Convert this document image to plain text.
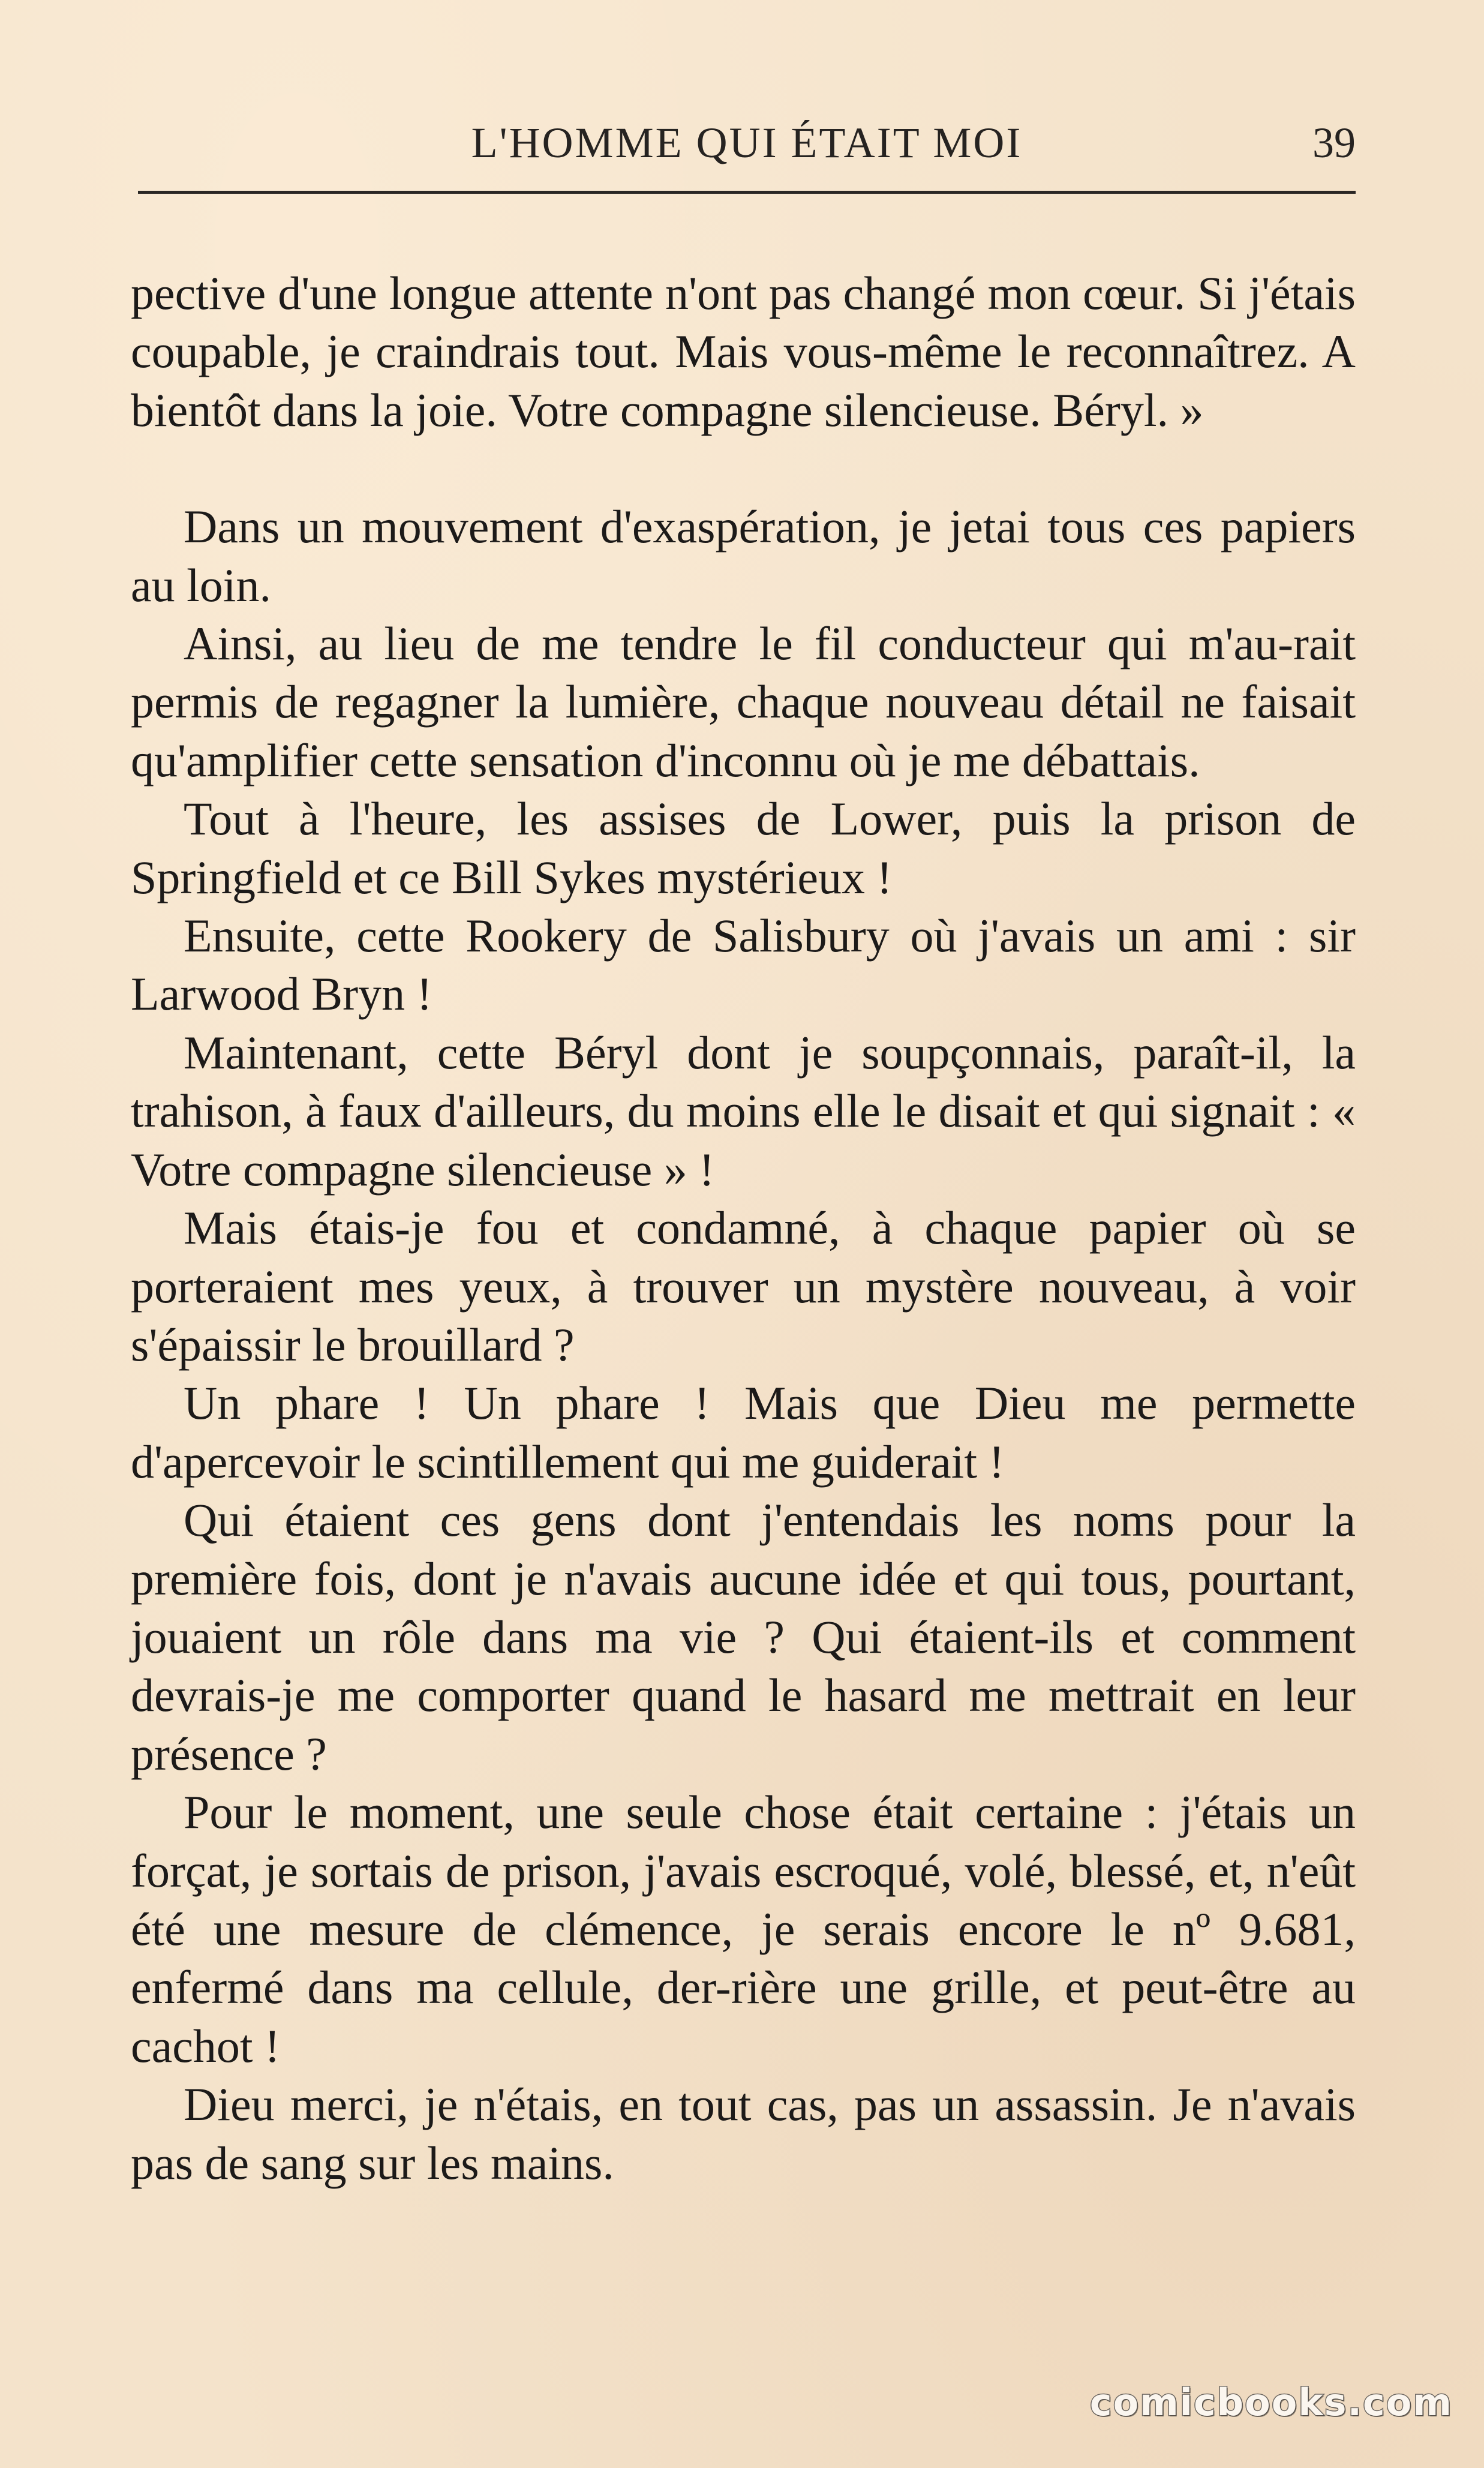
L'HOMME QUI ÉTAIT MOI	39

pective d'une longue attente n'ont pas changé mon cœur. Si j'étais coupable, je craindrais tout. Mais vous-même le reconnaîtrez. A bientôt dans la joie. Votre compagne silencieuse. Béryl. »

Dans un mouvement d'exaspération, je jetai tous ces papiers au loin.

Ainsi, au lieu de me tendre le fil conducteur qui m'au-rait permis de regagner la lumière, chaque nouveau détail ne faisait qu'amplifier cette sensation d'inconnu où je me débattais.

Tout à l'heure, les assises de Lower, puis la prison de Springfield et ce Bill Sykes mystérieux !

Ensuite, cette Rookery de Salisbury où j'avais un ami : sir Larwood Bryn !

Maintenant, cette Béryl dont je soupçonnais, paraît-il, la trahison, à faux d'ailleurs, du moins elle le disait et qui signait : « Votre compagne silencieuse » !

Mais étais-je fou et condamné, à chaque papier où se porteraient mes yeux, à trouver un mystère nouveau, à voir s'épaissir le brouillard ?

Un phare ! Un phare ! Mais que Dieu me permette d'apercevoir le scintillement qui me guiderait !

Qui étaient ces gens dont j'entendais les noms pour la première fois, dont je n'avais aucune idée et qui tous, pourtant, jouaient un rôle dans ma vie ? Qui étaient-ils et comment devrais-je me comporter quand le hasard me mettrait en leur présence ?

Pour le moment, une seule chose était certaine : j'étais un forçat, je sortais de prison, j'avais escroqué, volé, blessé, et, n'eût été une mesure de clémence, je serais encore le nº 9.681, enfermé dans ma cellule, der-rière une grille, et peut-être au cachot !

Dieu merci, je n'étais, en tout cas, pas un assassin. Je n'avais pas de sang sur les mains.

comicbooks.com
